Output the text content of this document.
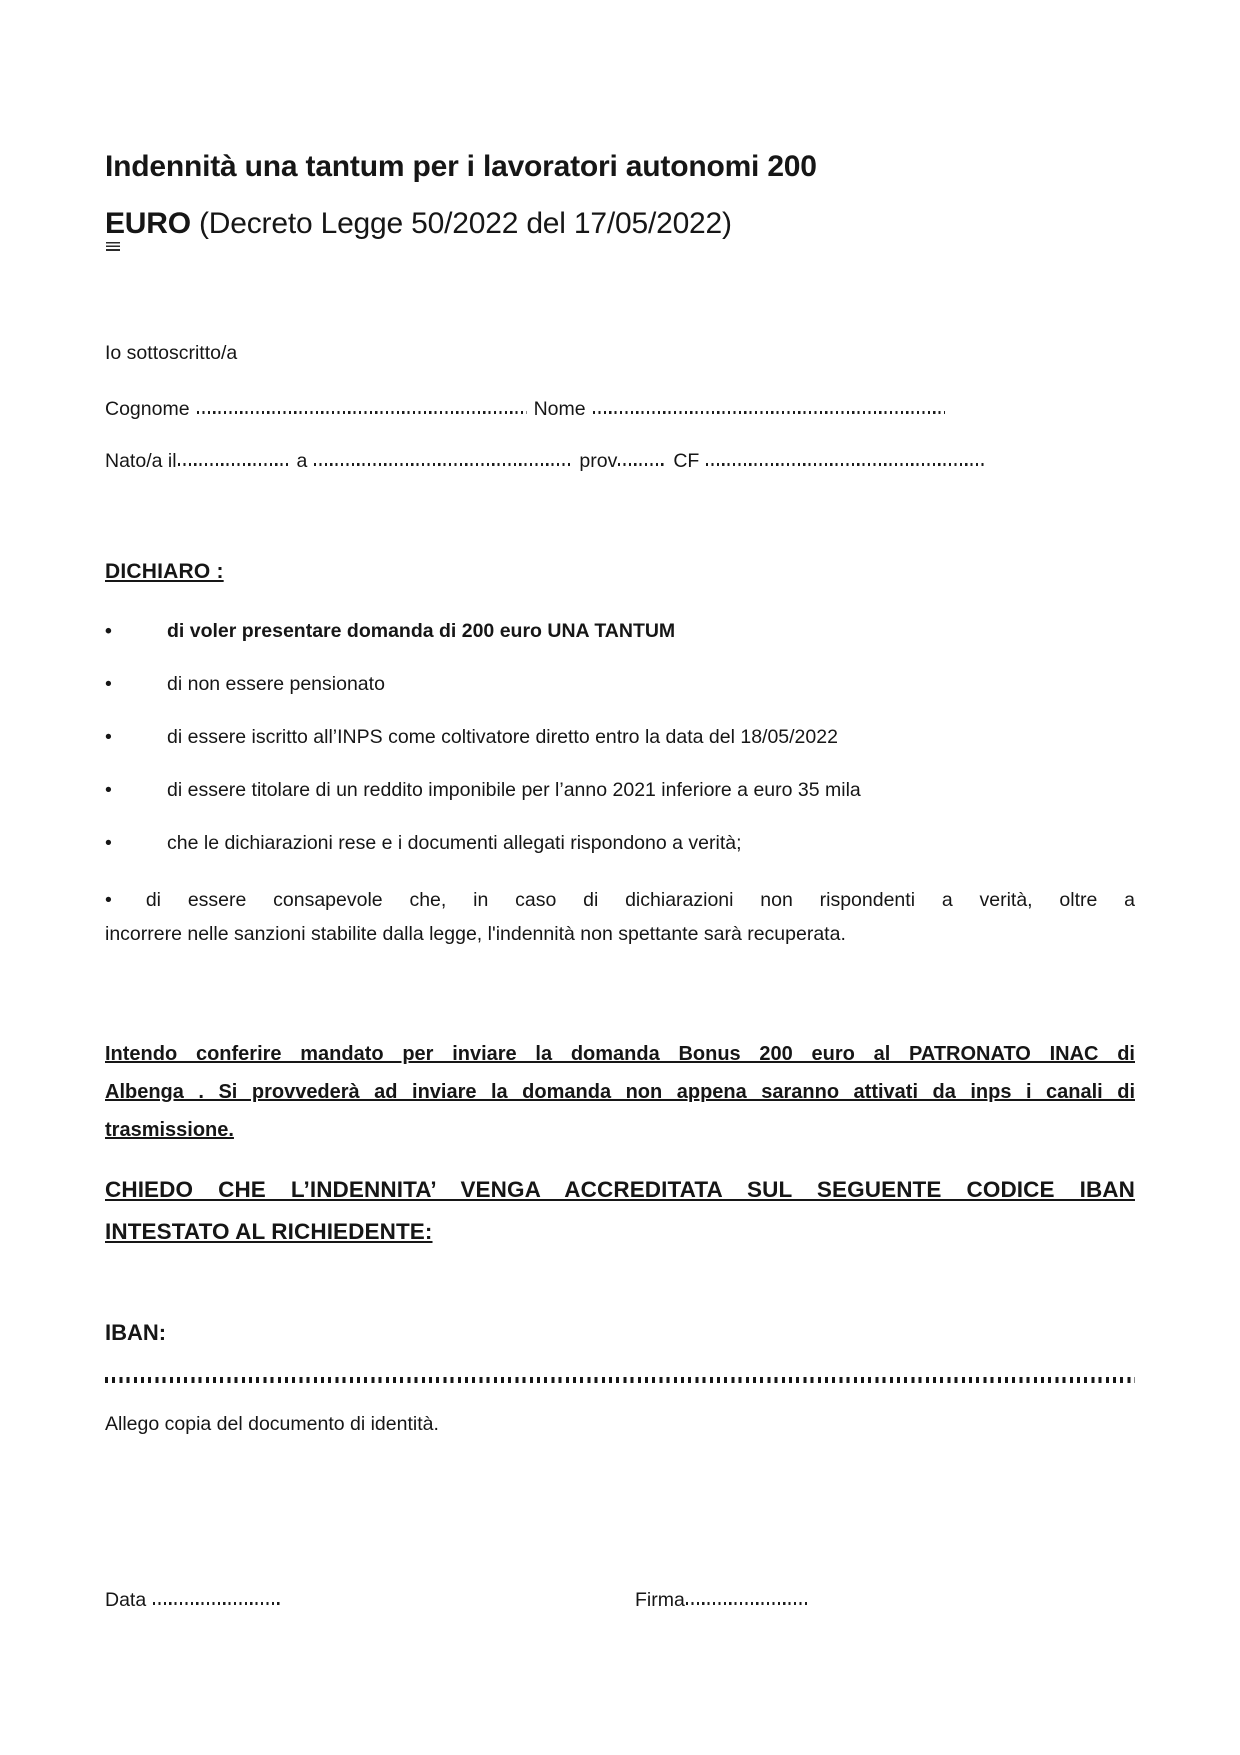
Indennità una tantum per i lavoratori autonomi 200
EURO (Decreto Legge 50/2022 del 17/05/2022)

Io sottoscritto/a

Cognome	Nome
Nato/a il	a	prov	CF
DICHIARO :
•	di voler presentare domanda di 200 euro UNA TANTUM
•	di non essere pensionato
•	di essere iscritto all’INPS come coltivatore diretto entro la data del 18/05/2022
•	di essere titolare di un reddito imponibile per l’anno 2021 inferiore a euro 35 mila
•	che le dichiarazioni rese e i documenti allegati rispondono a verità;
• di essere consapevole che, in caso di dichiarazioni non rispondenti a verità, oltre a
incorrere nelle sanzioni stabilite dalla legge, l'indennità non spettante sarà recuperata.
Intendo conferire mandato per inviare la domanda Bonus 200 euro al PATRONATO INAC di
Albenga . Si provvederà ad inviare la domanda non appena saranno attivati da inps i canali di
trasmissione.
CHIEDO CHE L’INDENNITA’ VENGA ACCREDITATA SUL SEGUENTE CODICE IBAN
INTESTATO AL RICHIEDENTE:

IBAN:

Allego copia del documento di identità.

Data	Firma
